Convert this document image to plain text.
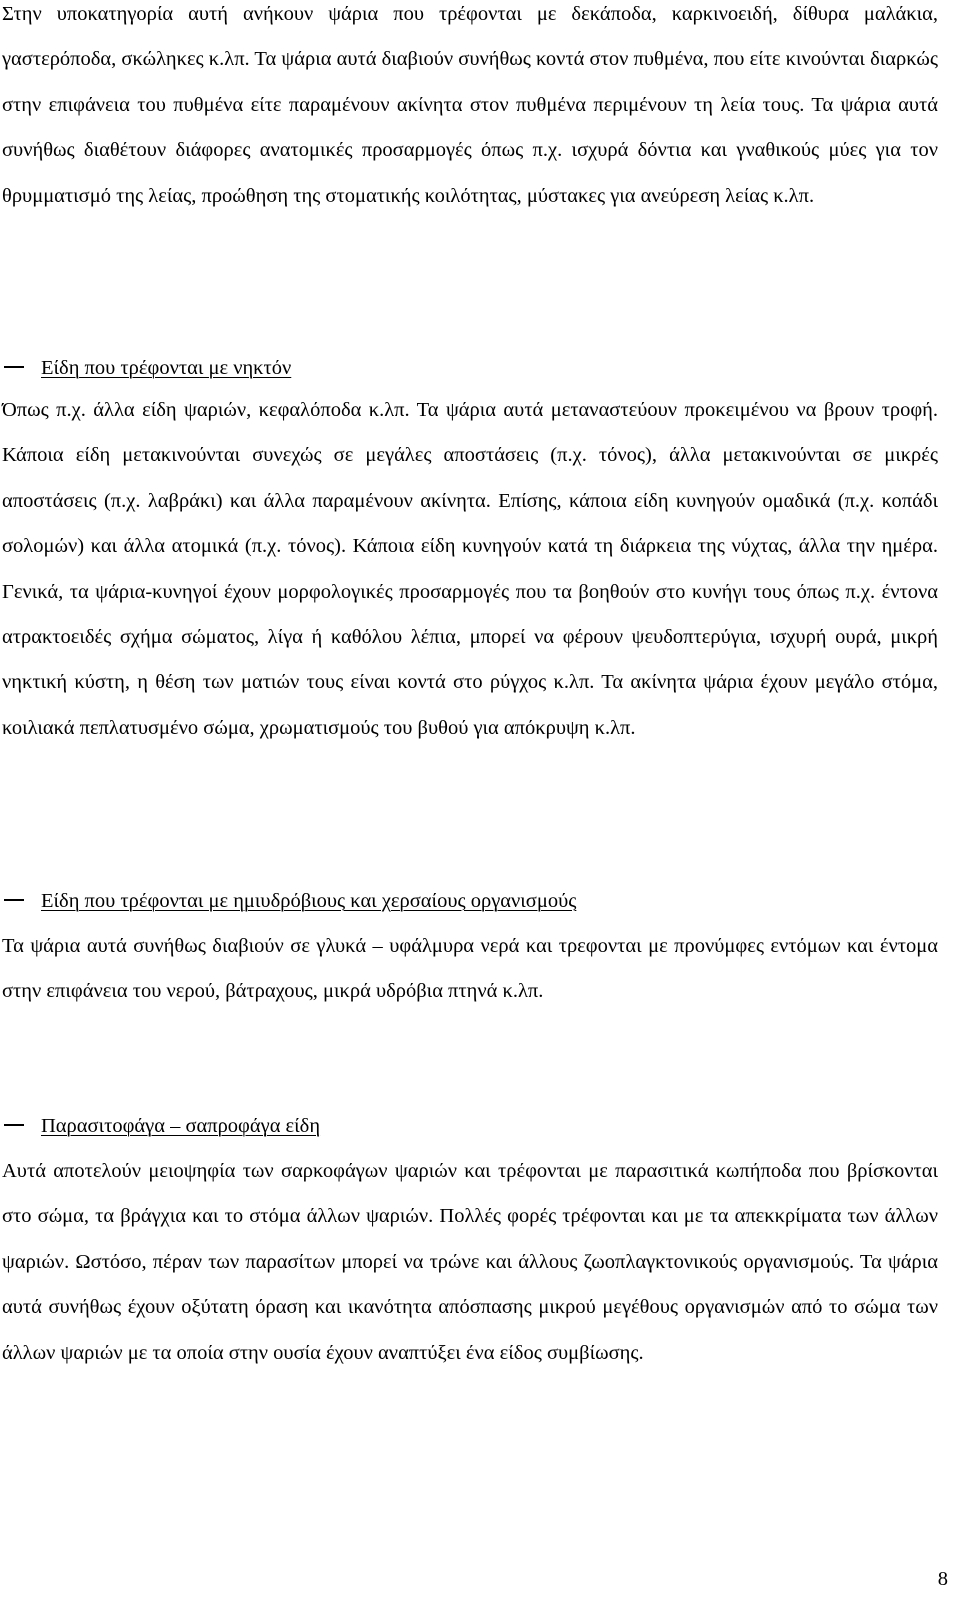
Στην υποκατηγορία αυτή ανήκουν ψάρια που τρέφονται με δεκάποδα, καρκινοειδή, δίθυρα μαλάκια, γαστερόποδα, σκώληκες κ.λπ. Τα ψάρια αυτά διαβιούν συνήθως κοντά στον πυθμένα, που είτε κινούνται διαρκώς στην επιφάνεια του πυθμένα είτε παραμένουν ακίνητα στον πυθμένα περιμένουν τη λεία τους. Τα ψάρια αυτά συνήθως διαθέτουν διάφορες ανατομικές προσαρμογές όπως π.χ. ισχυρά δόντια και γναθικούς μύες για τον θρυμματισμό της λείας, προώθηση της στοματικής κοιλότητας, μύστακες για ανεύρεση λείας κ.λπ.

Είδη που τρέφονται με νηκτόν

Όπως π.χ. άλλα είδη ψαριών, κεφαλόποδα κ.λπ. Τα ψάρια αυτά μεταναστεύουν προκειμένου να βρουν τροφή. Κάποια είδη μετακινούνται συνεχώς σε μεγάλες αποστάσεις (π.χ. τόνος), άλλα μετακινούνται σε μικρές αποστάσεις (π.χ. λαβράκι) και άλλα παραμένουν ακίνητα. Επίσης, κάποια είδη κυνηγούν ομαδικά (π.χ. κοπάδι σολομών) και άλλα ατομικά (π.χ. τόνος). Κάποια είδη κυνηγούν κατά τη διάρκεια της νύχτας, άλλα την ημέρα. Γενικά, τα ψάρια-κυνηγοί έχουν μορφολογικές προσαρμογές που τα βοηθούν στο κυνήγι τους όπως π.χ. έντονα ατρακτοειδές σχήμα σώματος, λίγα ή καθόλου λέπια, μπορεί να φέρουν ψευδοπτερύγια, ισχυρή ουρά, μικρή νηκτική κύστη, η θέση των ματιών τους είναι κοντά στο ρύγχος κ.λπ. Τα ακίνητα ψάρια έχουν μεγάλο στόμα, κοιλιακά πεπλατυσμένο σώμα, χρωματισμούς του βυθού για απόκρυψη κ.λπ.

Είδη που τρέφονται με ημιυδρόβιους και χερσαίους οργανισμούς

Τα ψάρια αυτά συνήθως διαβιούν σε γλυκά – υφάλμυρα νερά και τρεφονται με προνύμφες εντόμων και έντομα στην επιφάνεια του νερού, βάτραχους, μικρά υδρόβια πτηνά κ.λπ.

Παρασιτοφάγα – σαπροφάγα είδη

Αυτά αποτελούν μειοψηφία των σαρκοφάγων ψαριών και τρέφονται με παρασιτικά κωπήποδα που βρίσκονται στο σώμα, τα βράγχια και το στόμα άλλων ψαριών. Πολλές φορές τρέφονται και με τα απεκκρίματα των άλλων ψαριών. Ωστόσο, πέραν των παρασίτων μπορεί να τρώνε και άλλους ζωοπλαγκτονικούς οργανισμούς. Τα ψάρια αυτά συνήθως έχουν οξύτατη όραση και ικανότητα απόσπασης μικρού μεγέθους οργανισμών από το σώμα των άλλων ψαριών με τα οποία στην ουσία έχουν αναπτύξει ένα είδος συμβίωσης.

8
